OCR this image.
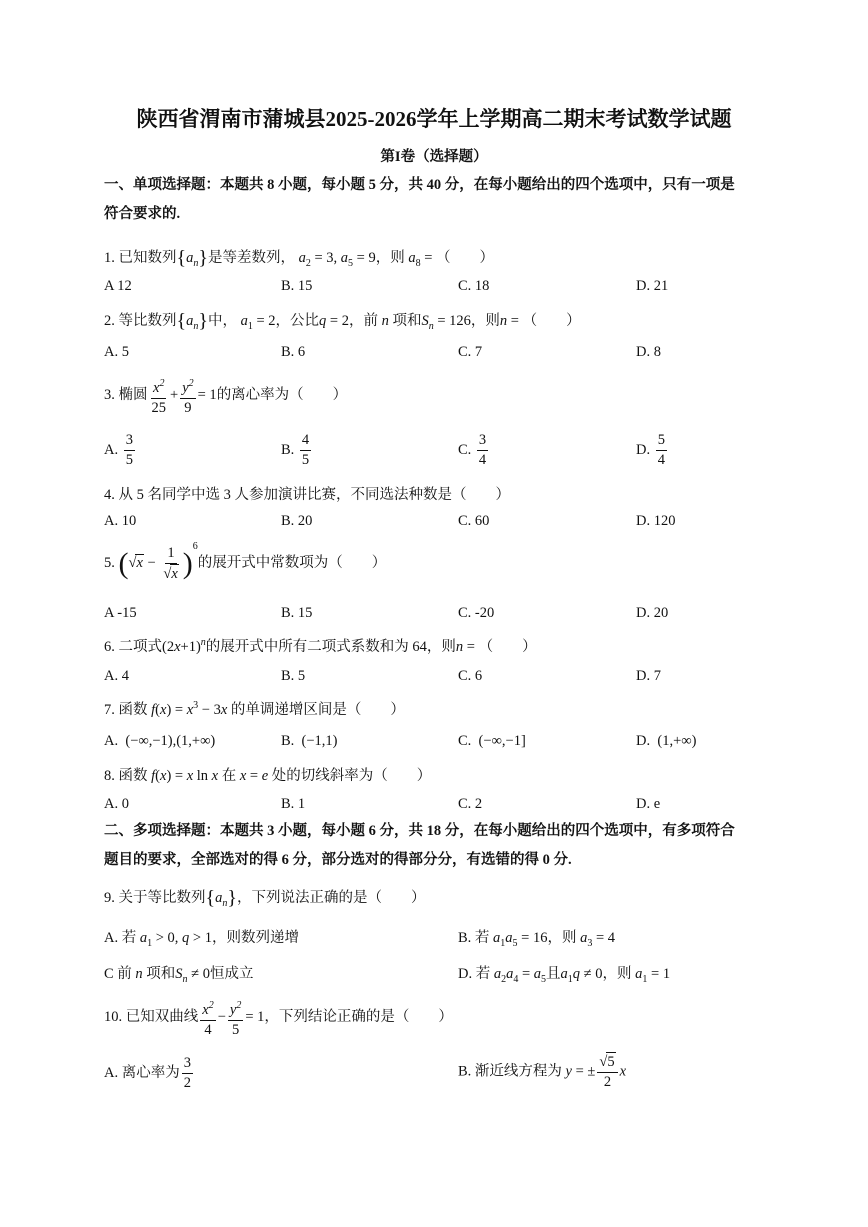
陕西省渭南市蒲城县2025-2026学年上学期高二期末考试数学试题
第I卷（选择题）
一、单项选择题：本题共 8 小题，每小题 5 分，共 40 分，在每小题给出的四个选项中，只有一项是
符合要求的.
1. 已知数列$\{a_n\}$是等差数列， $a_2 = 3$, $a_5 = 9$，则 $a_8$ = （　　）
A 12	B. 15	C. 18	D. 21
2. 等比数列$\{a_n\}$中， $a_1 = 2$，公比q = 2，前 n 项和$S_n = 126$，则n = （　　）
A. 5	B. 6	C. 7	D. 8
3. 椭圆 $\frac{x^2}{25} + \frac{y^2}{9} = 1$的离心率为（　　）
A. $\frac{3}{5}$	B. $\frac{4}{5}$	C. $\frac{3}{4}$	D. $\frac{5}{4}$
4. 从 5 名同学中选 3 人参加演讲比赛，不同选法种数是（　　）
A. 10	B. 20	C. 60	D. 120
5. $(√x - \frac{1}{√x} )^6$的展开式中常数项为（　　）
A -15	B. 15	C. -20	D. 20
6. 二项式$(2x+1)^n$的展开式中所有二项式系数和为 64，则n = （　　）
A. 4	B. 5	C. 6	D. 7
7. 函数 $f(x) = x^3 - 3x$ 的单调递增区间是（　　）
A. (−∞,−1),(1,+∞)	B. (−1,1)	C. (−∞,−1]	D. (1,+∞)
8. 函数 f(x) = x ln x 在 x = e 处的切线斜率为（　　）
A. 0	B. 1	C. 2	D. e
二、多项选择题：本题共 3 小题，每小题 6 分，共 18 分，在每小题给出的四个选项中，有多项符合
题目的要求，全部选对的得 6 分，部分选对的得部分分，有选错的得 0 分.
9. 关于等比数列$\{a_n\}$，下列说法正确的是（　　）
A. 若 $a_1 > 0$, q > 1，则数列递增	B. 若 $a_1a_5 = 16$，则 $a_3 = 4$
C 前 n 项和$S_n \ne 0$恒成立	D. 若 $a_2a_4 = a_5$且$a_1q \ne 0$，则 $a_1 = 1$
10. 已知双曲线 $\frac{x^2}{4} - \frac{y^2}{5} = 1$，下列结论正确的是（　　）
A. 离心率为 $\frac{3}{2}$	B. 渐近线方程为 y = ± $\frac{√5}{2}$ x
